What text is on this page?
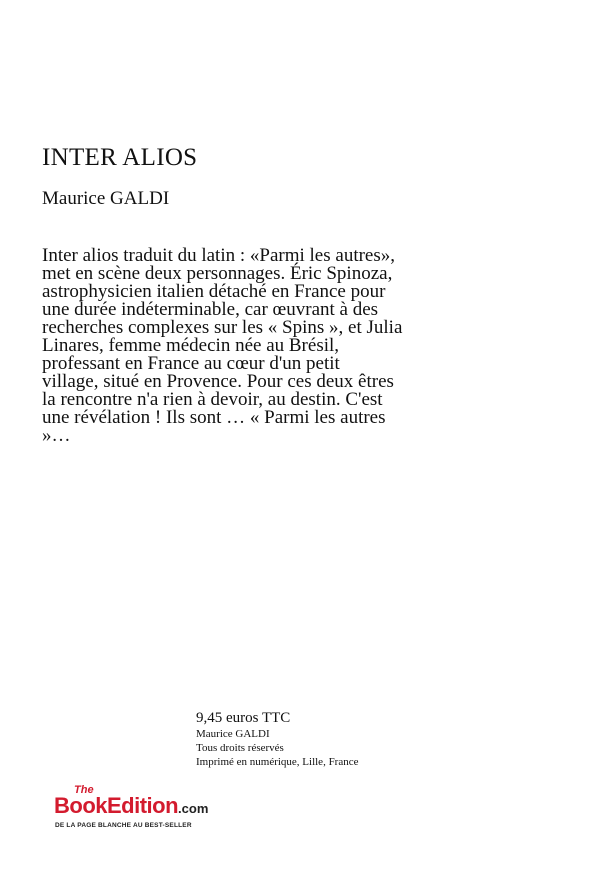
INTER ALIOS
Maurice GALDI

Inter alios traduit du latin : «Parmi les autres»,
met en scène deux personnages. Éric Spinoza,
astrophysicien italien détaché en France pour
une durée indéterminable, car œuvrant à des
recherches complexes sur les « Spins », et Julia
Linares, femme médecin née au Brésil,
professant en France au cœur d'un petit
village, situé en Provence. Pour ces deux êtres
la rencontre n'a rien à devoir, au destin. C'est
une révélation ! Ils sont … « Parmi les autres
»…

9,45 euros TTC
Maurice GALDI
Tous droits réservés
Imprimé en numérique, Lille, France
The
BookEdition.com
DE LA PAGE BLANCHE AU BEST-SELLER
